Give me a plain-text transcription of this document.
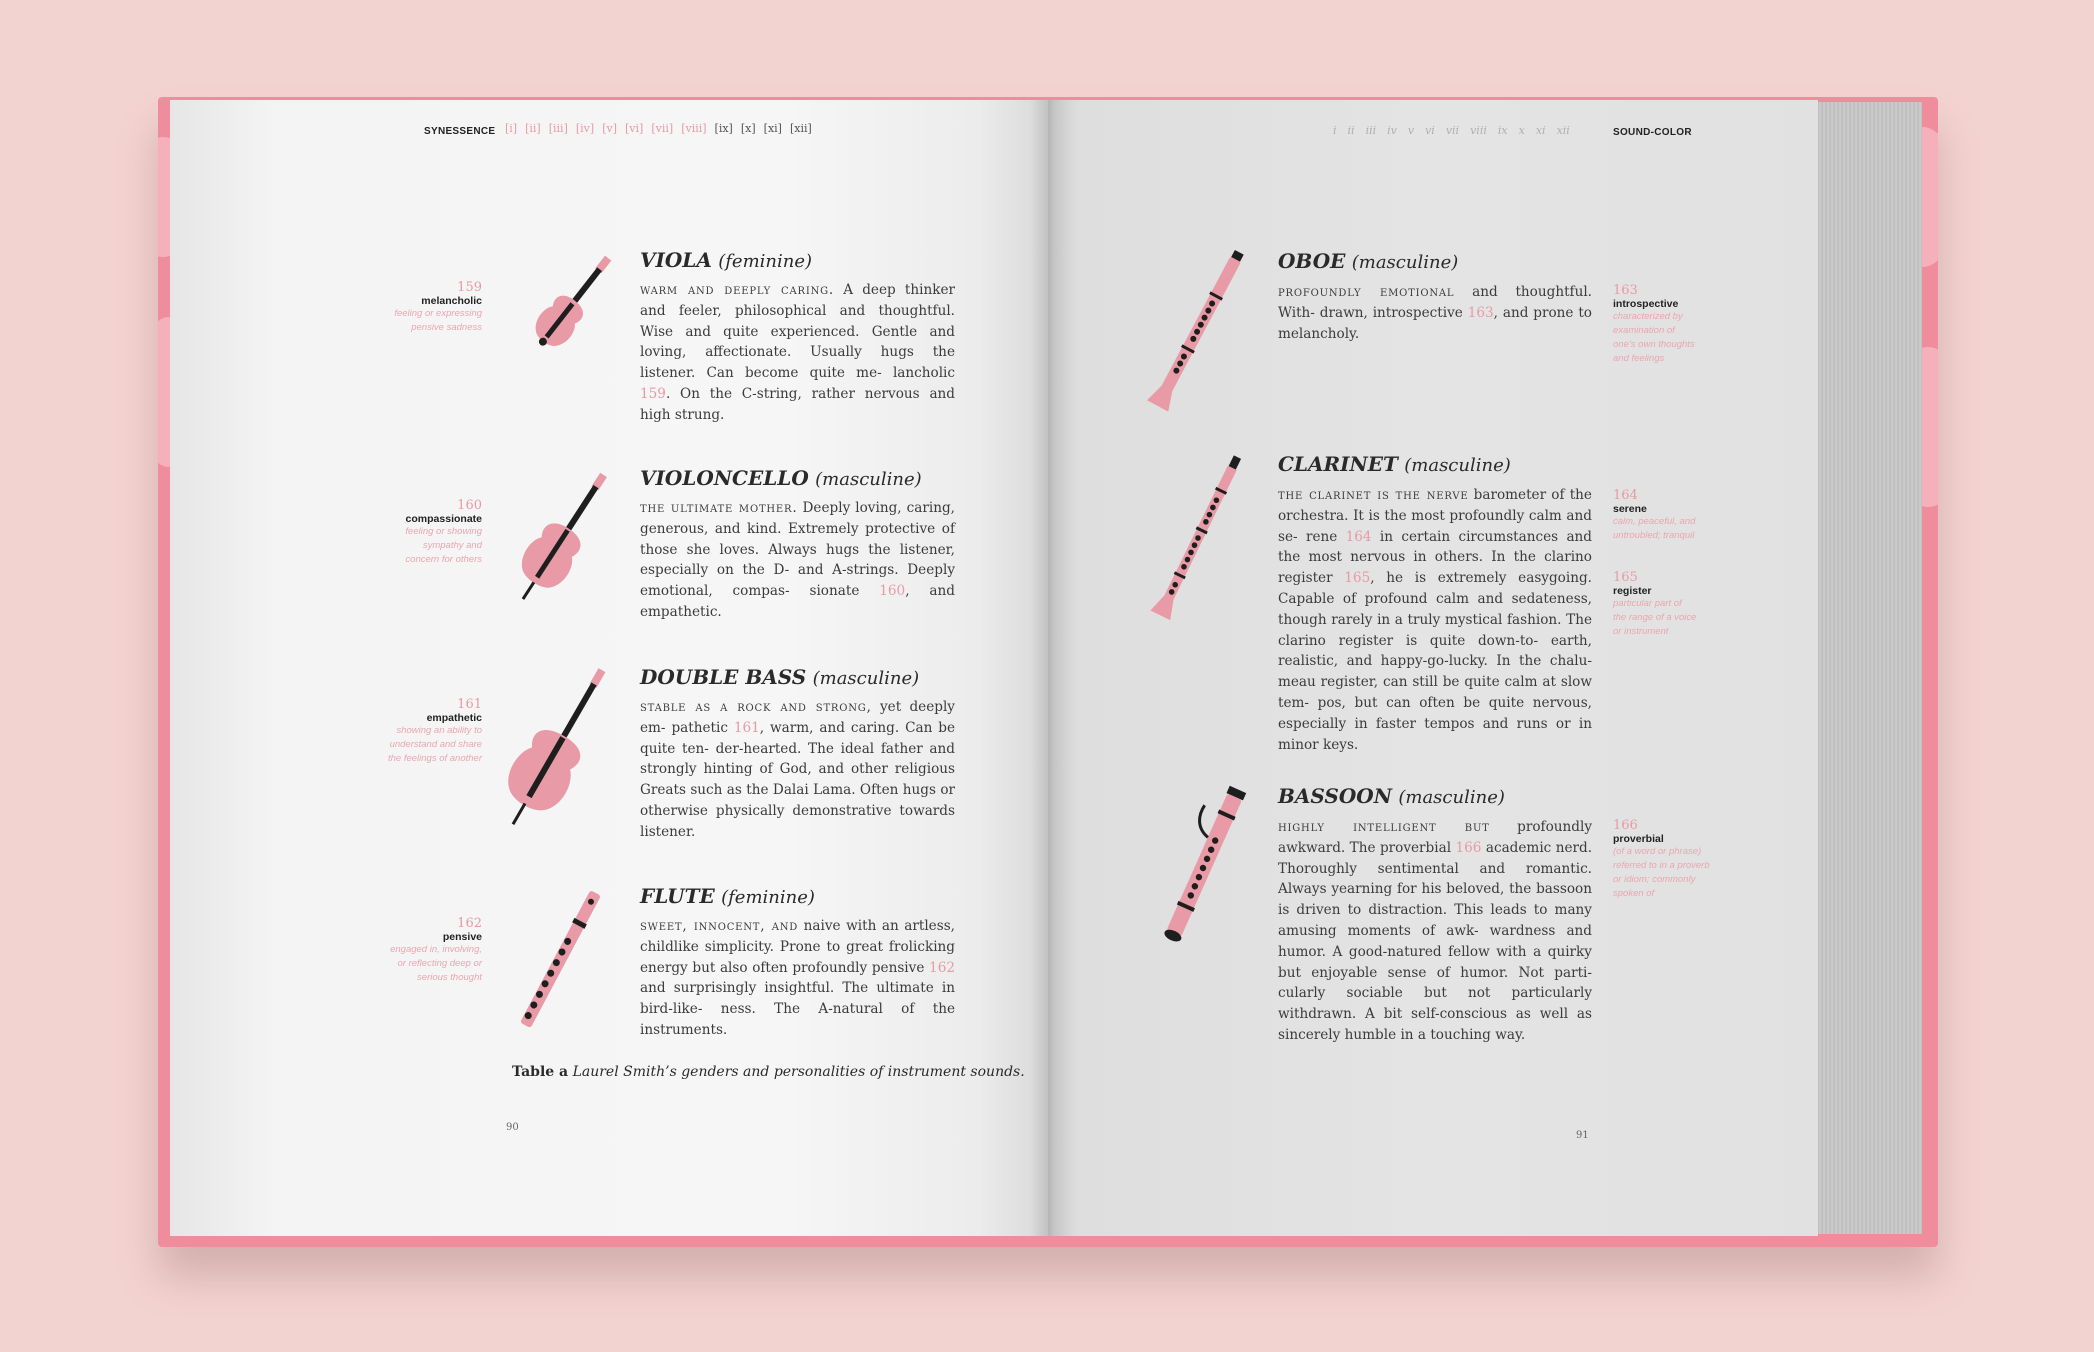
SYNESSENCE [i] [ii] [iii] [iv] [v] [vi] [vii] [viii] [ix] [x] [xi] [xii]
159
melancholic
feeling or expressing
pensive sadness
VIOLA (feminine)
warm and deeply caring. A deep thinker and feeler, philosophical and thoughtful. Wise and quite experienced. Gentle and loving, affectionate. Usually hugs the listener. Can become quite me- lancholic 159. On the C-string, rather nervous and high strung.
160
compassionate
feeling or showing
sympathy and
concern for others
VIOLONCELLO (masculine)
the ultimate mother. Deeply loving, caring, generous, and kind. Extremely protective of those she loves. Always hugs the listener, especially on the D- and A-strings. Deeply emotional, compas- sionate 160, and empathetic.
161
empathetic
showing an ability to
understand and share
the feelings of another
DOUBLE BASS (masculine)
stable as a rock and strong, yet deeply em- pathetic 161, warm, and caring. Can be quite ten- der-hearted. The ideal father and strongly hinting of God, and other religious Greats such as the Dalai Lama. Often hugs or otherwise physically demonstrative towards listener.
162
pensive
engaged in, involving,
or reflecting deep or
serious thought
FLUTE (feminine)
sweet, innocent, and naive with an artless, childlike simplicity. Prone to great frolicking energy but also often profoundly pensive 162 and surprisingly insightful. The ultimate in bird-like- ness. The A-natural of the instruments.
Table a Laurel Smith’s genders and personalities of instrument sounds.
90
i ii iii iv v vi vii viii ix x xi xii	SOUND-COLOR
OBOE (masculine)
profoundly emotional and thoughtful. With- drawn, introspective 163, and prone to melancholy.
163
introspective
characterized by
examination of
one’s own thoughts
and feelings
CLARINET (masculine)
the clarinet is the nerve barometer of the orchestra. It is the most profoundly calm and se- rene 164 in certain circumstances and the most nervous in others. In the clarino register 165, he is extremely easygoing. Capable of profound calm and sedateness, though rarely in a truly mystical fashion. The clarino register is quite down-to- earth, realistic, and happy-go-lucky. In the chalu- meau register, can still be quite calm at slow tem- pos, but can often be quite nervous, especially in faster tempos and runs or in minor keys.
164
serene
calm, peaceful, and
untroubled; tranquil
165
register
particular part of
the range of a voice
or instrument
BASSOON (masculine)
highly intelligent but profoundly awkward. The proverbial 166 academic nerd. Thoroughly sentimental and romantic. Always yearning for his beloved, the bassoon is driven to distraction. This leads to many amusing moments of awk- wardness and humor. A good-natured fellow with a quirky but enjoyable sense of humor. Not parti- cularly sociable but not particularly withdrawn. A bit self-conscious as well as sincerely humble in a touching way.
166
proverbial
(of a word or phrase)
referred to in a proverb
or idiom; commonly
spoken of
91
